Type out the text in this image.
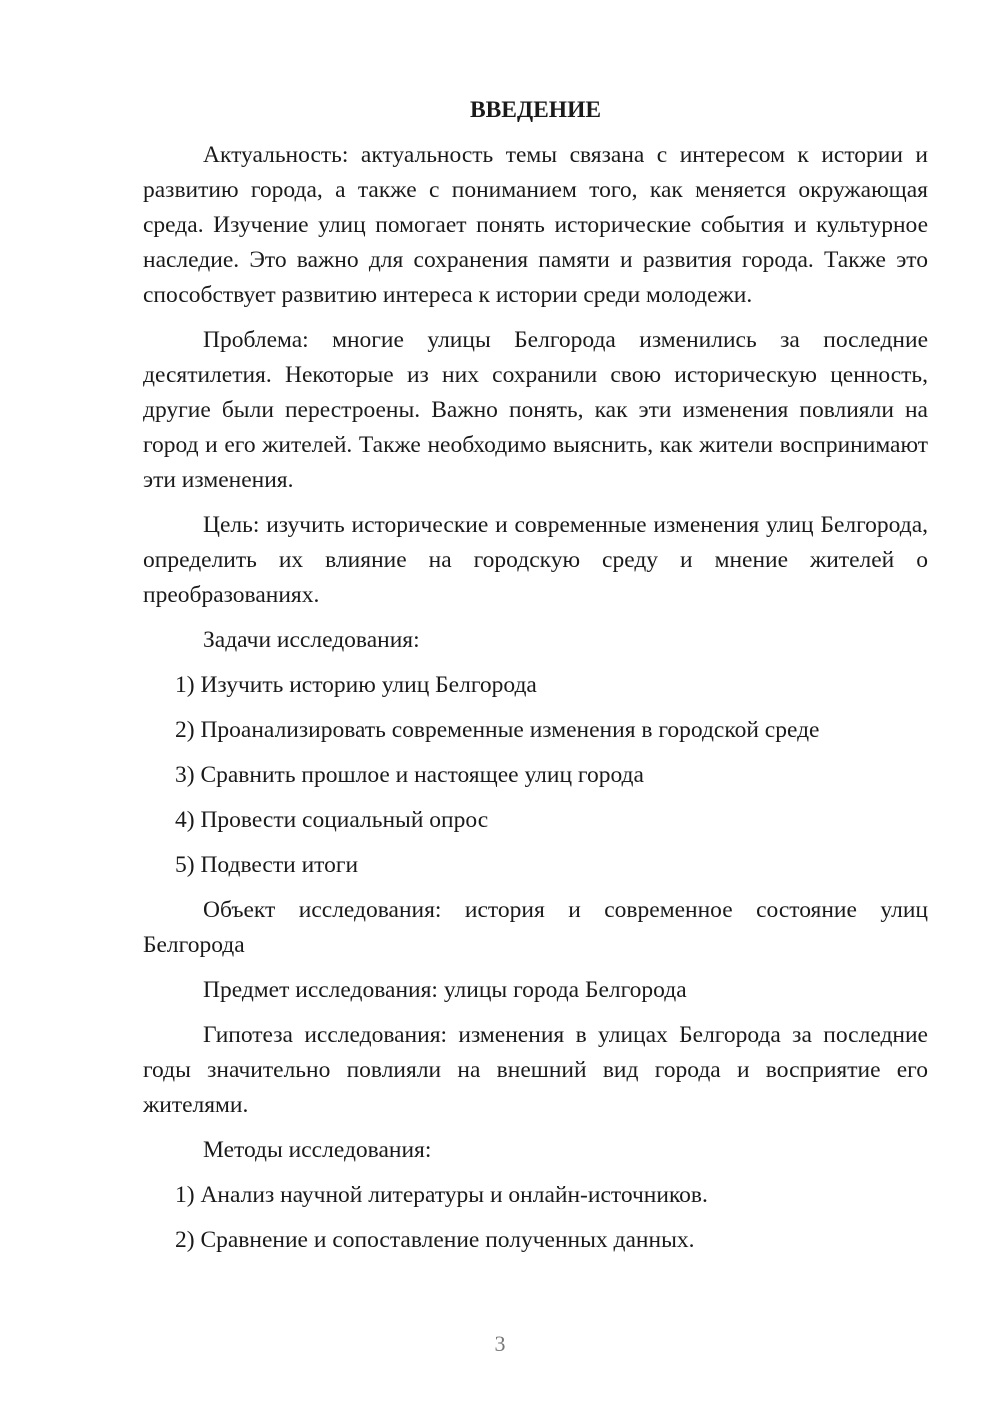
ВВЕДЕНИЕ

Актуальность: актуальность темы связана с интересом к истории и развитию города, а также с пониманием того, как меняется окружающая среда. Изучение улиц помогает понять исторические события и культурное наследие. Это важно для сохранения памяти и развития города. Также это способствует развитию интереса к истории среди молодежи.

Проблема: многие улицы Белгорода изменились за последние десятилетия. Некоторые из них сохранили свою историческую ценность, другие были перестроены. Важно понять, как эти изменения повлияли на город и его жителей. Также необходимо выяснить, как жители воспринимают эти изменения.

Цель: изучить исторические и современные изменения улиц Белгорода, определить их влияние на городскую среду и мнение жителей о преобразованиях.

Задачи исследования:

1) Изучить историю улиц Белгорода

2) Проанализировать современные изменения в городской среде

3) Сравнить прошлое и настоящее улиц города

4) Провести социальный опрос

5) Подвести итоги

Объект исследования: история и современное состояние улиц Белгорода

Предмет исследования: улицы города Белгорода

Гипотеза исследования: изменения в улицах Белгорода за последние годы значительно повлияли на внешний вид города и восприятие его жителями.

Методы исследования:

1) Анализ научной литературы и онлайн-источников.

2) Сравнение и сопоставление полученных данных.

3
